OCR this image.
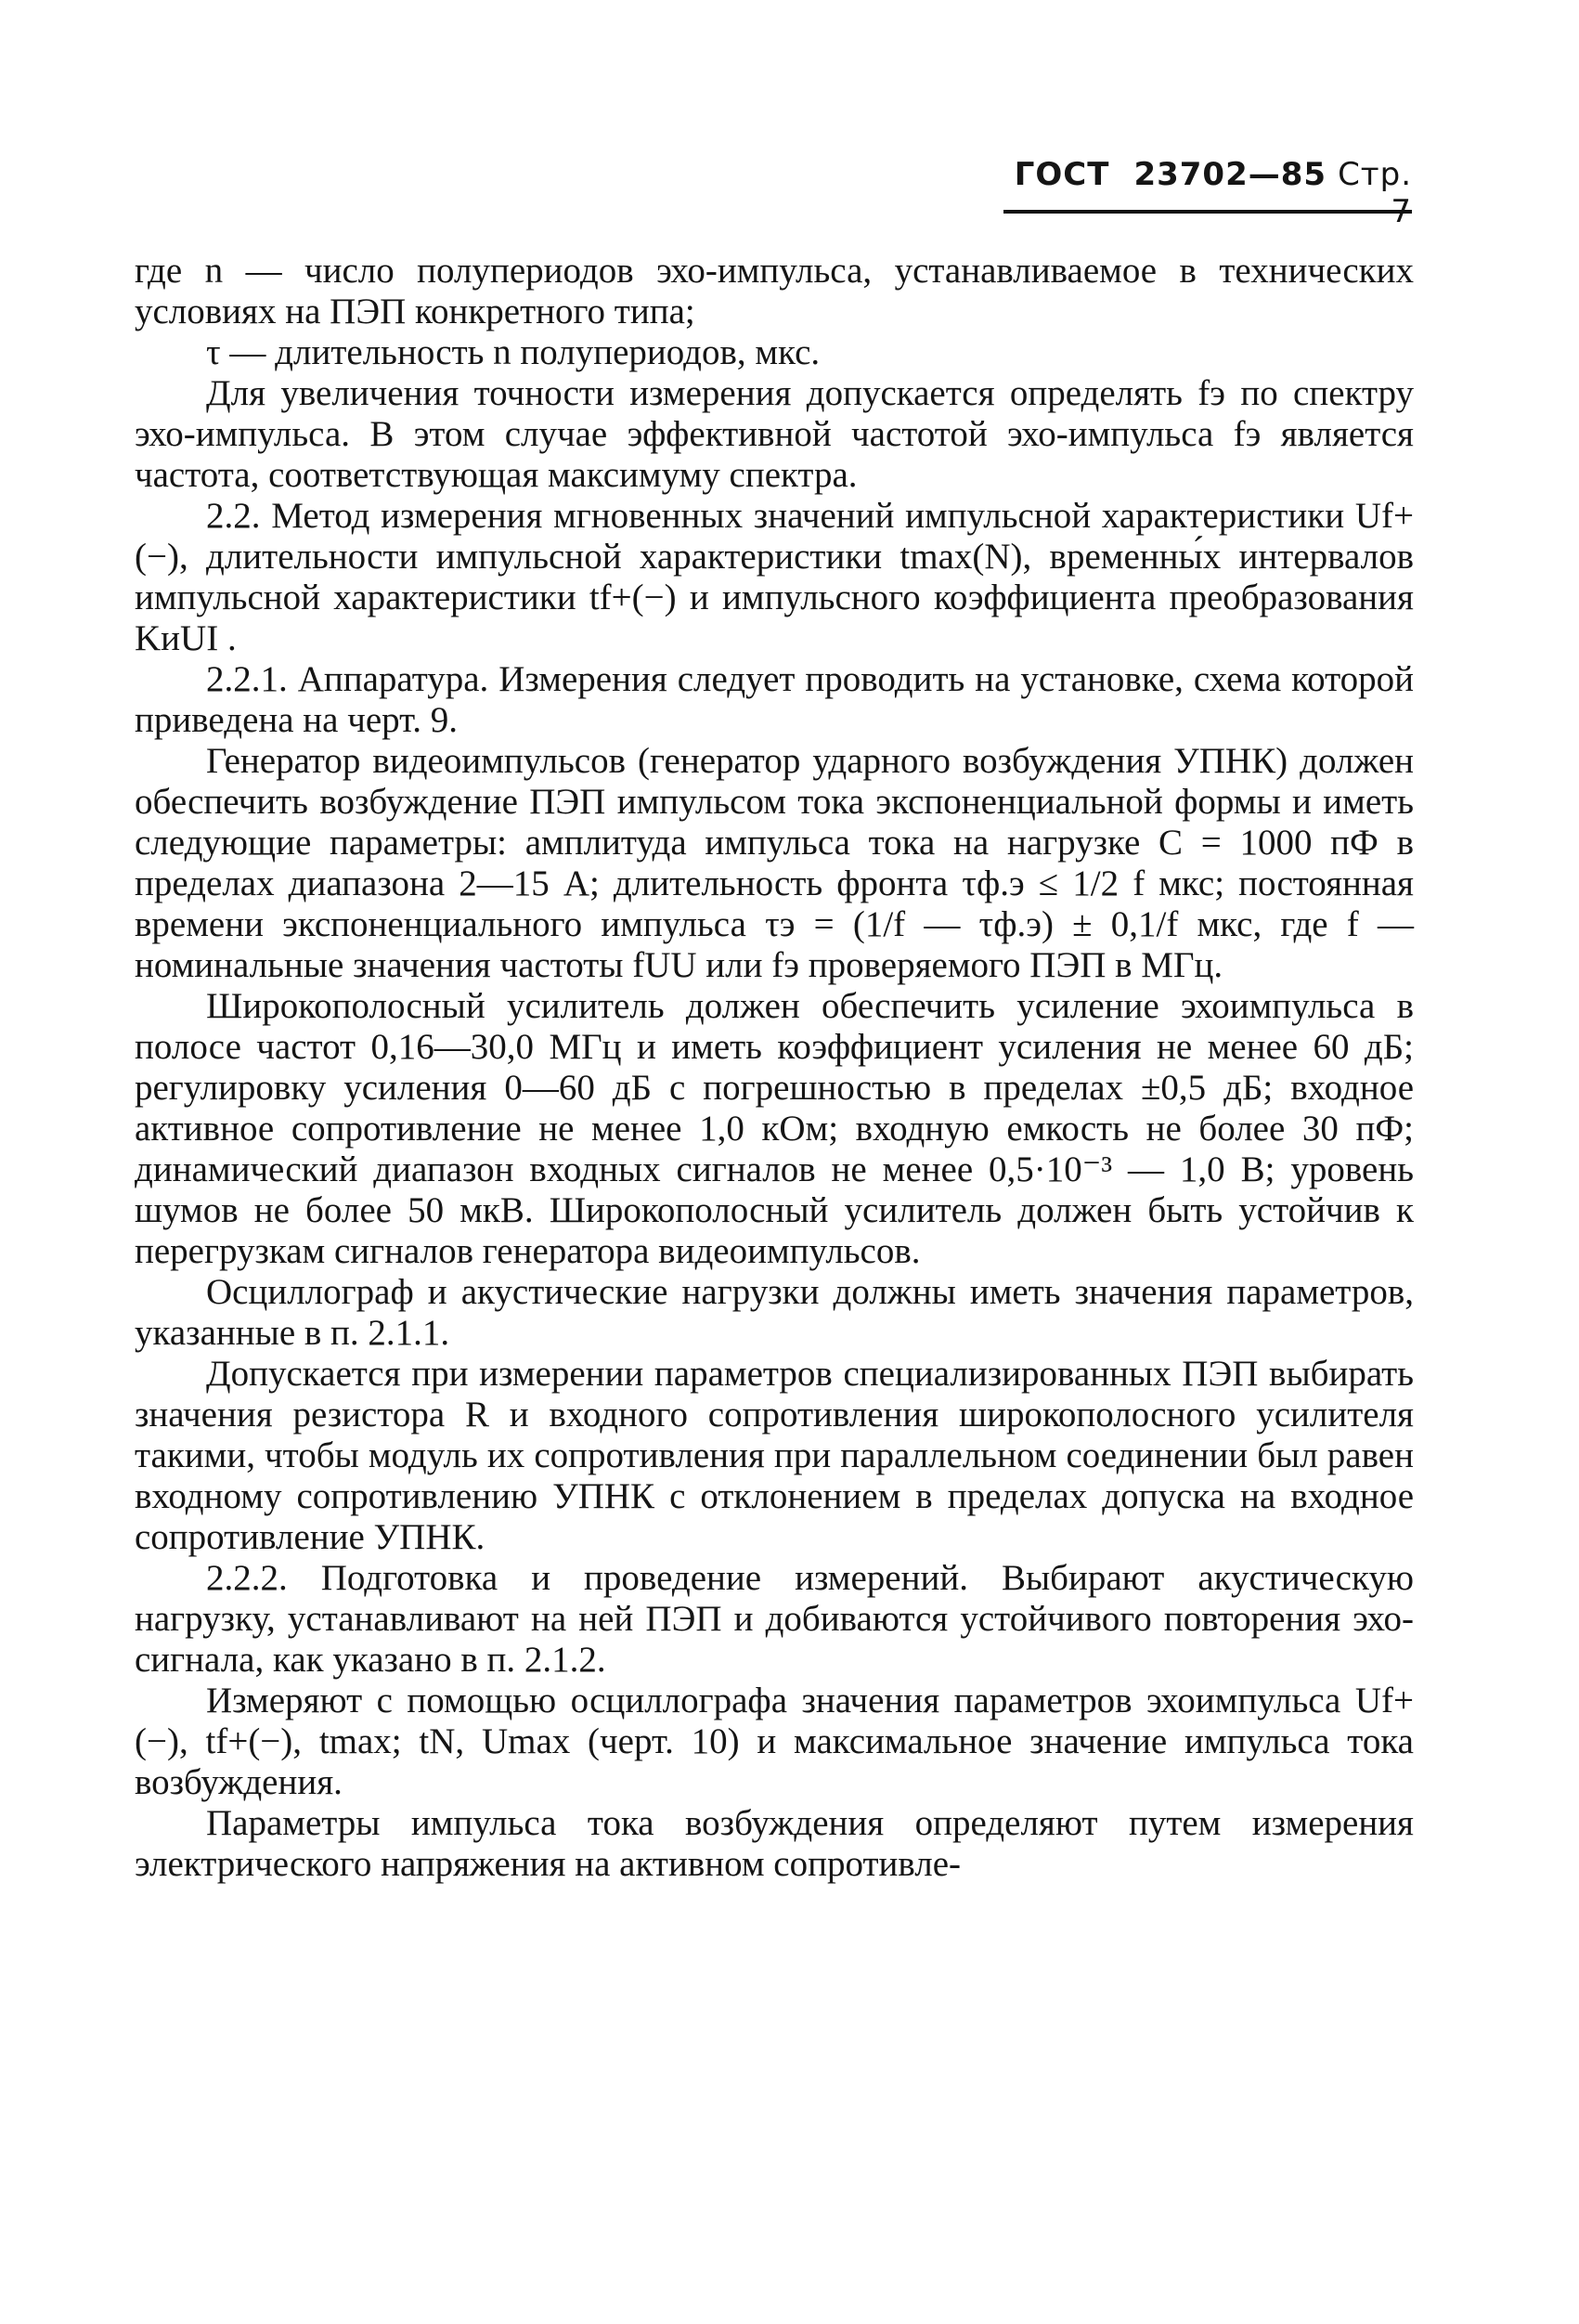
ГОСТ 23702—85 Стр.

где n — число полупериодов эхо-импульса, устанавливаемое в технических условиях на ПЭП конкретного типа;

τ — длительность n полупериодов, мкс.

Для увеличения точности измерения допускается определять fэ по спектру эхо-импульса. В этом случае эффективной частотой эхо-импульса fэ является частота, соответствующая максимуму спектра.

2.2. Метод измерения мгновенных значений импульсной характеристики Uf+(−), длительности импульсной характеристики tmax(N), временны́х интервалов импульсной характеристики tf+(−) и импульсного коэффициента преобразования KиUI .

2.2.1. Аппаратура. Измерения следует проводить на установке, схема которой приведена на черт. 9.

Генератор видеоимпульсов (генератор ударного возбуждения УПНК) должен обеспечить возбуждение ПЭП импульсом тока экспоненциальной формы и иметь следующие параметры: амплитуда импульса тока на нагрузке C = 1000 пФ в пределах диапазона 2—15 А; длительность фронта τф.э ≤ 1/2 f мкс; постоянная времени экспоненциального импульса τэ = (1/f — τф.э) ± 0,1/f мкс, где f — номинальные значения частоты fUU или fэ проверяемого ПЭП в МГц.

Широкополосный усилитель должен обеспечить усиление эхоимпульса в полосе частот 0,16—30,0 МГц и иметь коэффициент усиления не менее 60 дБ; регулировку усиления 0—60 дБ с погрешностью в пределах ±0,5 дБ; входное активное сопротивление не менее 1,0 кОм; входную емкость не более 30 пФ; динамический диапазон входных сигналов не менее 0,5·10⁻³ — 1,0 В; уровень шумов не более 50 мкВ. Широкополосный усилитель должен быть устойчив к перегрузкам сигналов генератора видеоимпульсов.

Осциллограф и акустические нагрузки должны иметь значения параметров, указанные в п. 2.1.1.

Допускается при измерении параметров специализированных ПЭП выбирать значения резистора R и входного сопротивления широкополосного усилителя такими, чтобы модуль их сопротивления при параллельном соединении был равен входному сопротивлению УПНК с отклонением в пределах допуска на входное сопротивление УПНК.

2.2.2. Подготовка и проведение измерений. Выбирают акустическую нагрузку, устанавливают на ней ПЭП и добиваются устойчивого повторения эхо-сигнала, как указано в п. 2.1.2.

Измеряют с помощью осциллографа значения параметров эхоимпульса Uf+(−), tf+(−), tmax; tN, Umax (черт. 10) и максимальное значение импульса тока возбуждения.

Параметры импульса тока возбуждения определяют путем измерения электрического напряжения на активном сопротивле-
